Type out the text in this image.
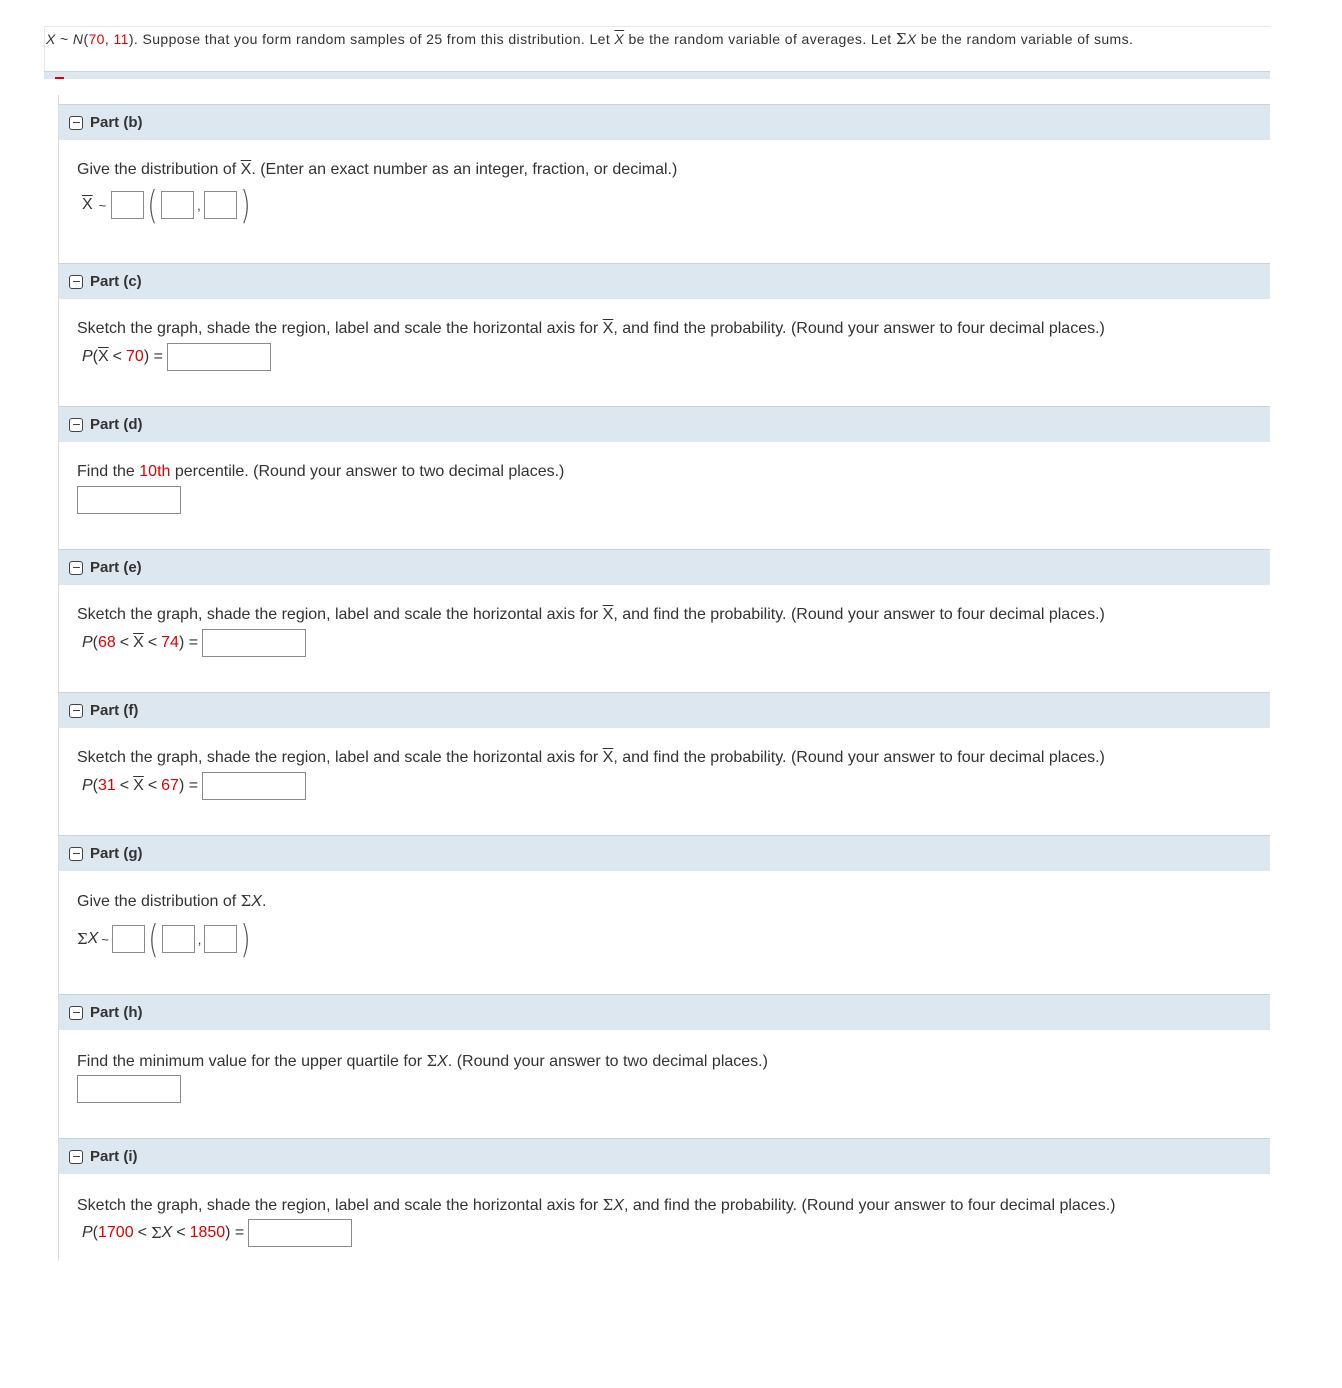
X ~ N(70, 11). Suppose that you form random samples of 25 from this distribution. Let $\overline{X}$ be the random variable of averages. Let ΣX be the random variable of sums.
Part (b)
Give the distribution of $\overline{X}$. (Enter an exact number as an integer, fraction, or decimal.)
$\overline{X}$ ~ (	, )
Part (c)
Sketch the graph, shade the region, label and scale the horizontal axis for $\overline{X}$, and find the probability. (Round your answer to four decimal places.)
P ( $\overline{X} < 70$ ) =
Part (d)
Find the 10th percentile. (Round your answer to two decimal places.)
Part (e)
Sketch the graph, shade the region, label and scale the horizontal axis for $\overline{X}$, and find the probability. (Round your answer to four decimal places.)
P ( $68 < \overline{X} < 74$ ) =
Part (f)
Sketch the graph, shade the region, label and scale the horizontal axis for $\overline{X}$, and find the probability. (Round your answer to four decimal places.)
P ( $31 < \overline{X} < 67$ ) =
Part (g)
Give the distribution of ΣX.
Σ X ~ (	, )
Part (h)
Find the minimum value for the upper quartile for ΣX. (Round your answer to two decimal places.)
Part (i)
Sketch the graph, shade the region, label and scale the horizontal axis for ΣX, and find the probability. (Round your answer to four decimal places.)
P ( 1700 < Σ X < 1850 ) =
